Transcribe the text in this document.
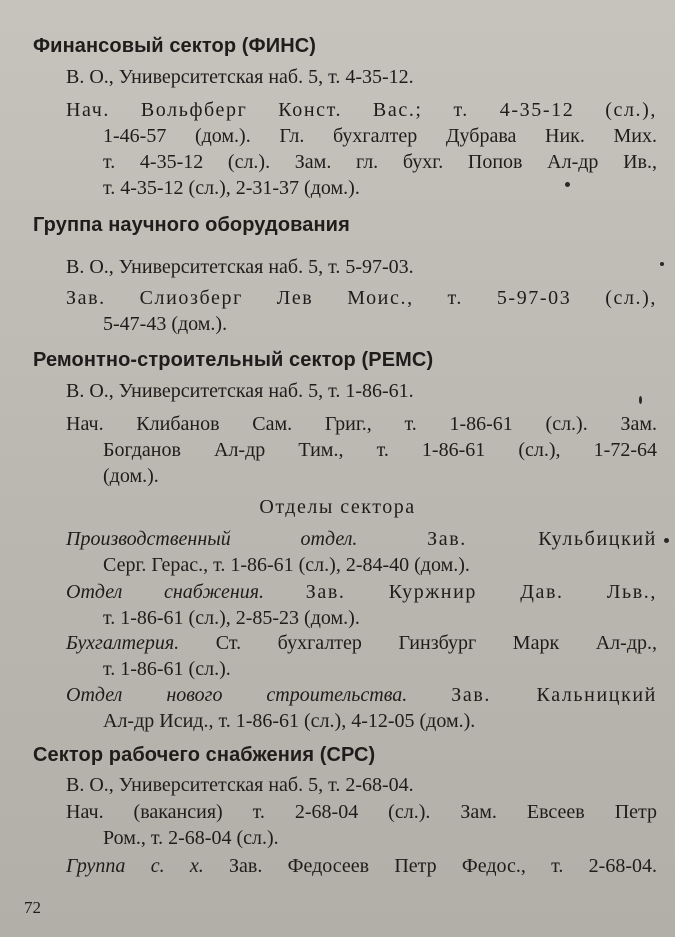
Финансовый сектор (ФИНС)
В. О., Университетская наб. 5, т. 4-35-12.
Нач. Вольфберг Конст. Вас.; т. 4-35-12 (сл.),
1-46-57 (дом.). Гл. бухгалтер Дубрава Ник. Мих.
т. 4-35-12 (сл.). Зам. гл. бухг. Попов Ал-др Ив.,
т. 4-35-12 (сл.), 2-31-37 (дом.).
Группа научного оборудования
В. О., Университетская наб. 5, т. 5-97-03.
Зав. Слиозберг Лев Моис., т. 5-97-03 (сл.),
5-47-43 (дом.).
Ремонтно-строительный сектор (РЕМС)
В. О., Университетская наб. 5, т. 1-86-61.
Нач. Клибанов Сам. Григ., т. 1-86-61 (сл.). Зам.
Богданов Ал-др Тим., т. 1-86-61 (сл.), 1-72-64
(дом.).
Отделы сектора
Производственный отдел.	Зав. Кульбицкий
Серг. Герас., т. 1-86-61 (сл.), 2-84-40 (дом.).
Отдел снабжения. Зав. Куржнир Дав. Льв.,
т. 1-86-61 (сл.), 2-85-23 (дом.).
Бухгалтерия. Ст. бухгалтер Гинзбург Марк Ал-др.,
т. 1-86-61 (сл.).
Отдел нового строительства. Зав. Кальницкий
Ал-др Исид., т. 1-86-61 (сл.), 4-12-05 (дом.).
Сектор рабочего снабжения (СРС)
В. О., Университетская наб. 5, т. 2-68-04.
Нач. (вакансия) т. 2-68-04 (сл.). Зам. Евсеев Петр
Ром., т. 2-68-04 (сл.).
Группа с. х. Зав. Федосеев Петр Федос., т. 2-68-04.
72
